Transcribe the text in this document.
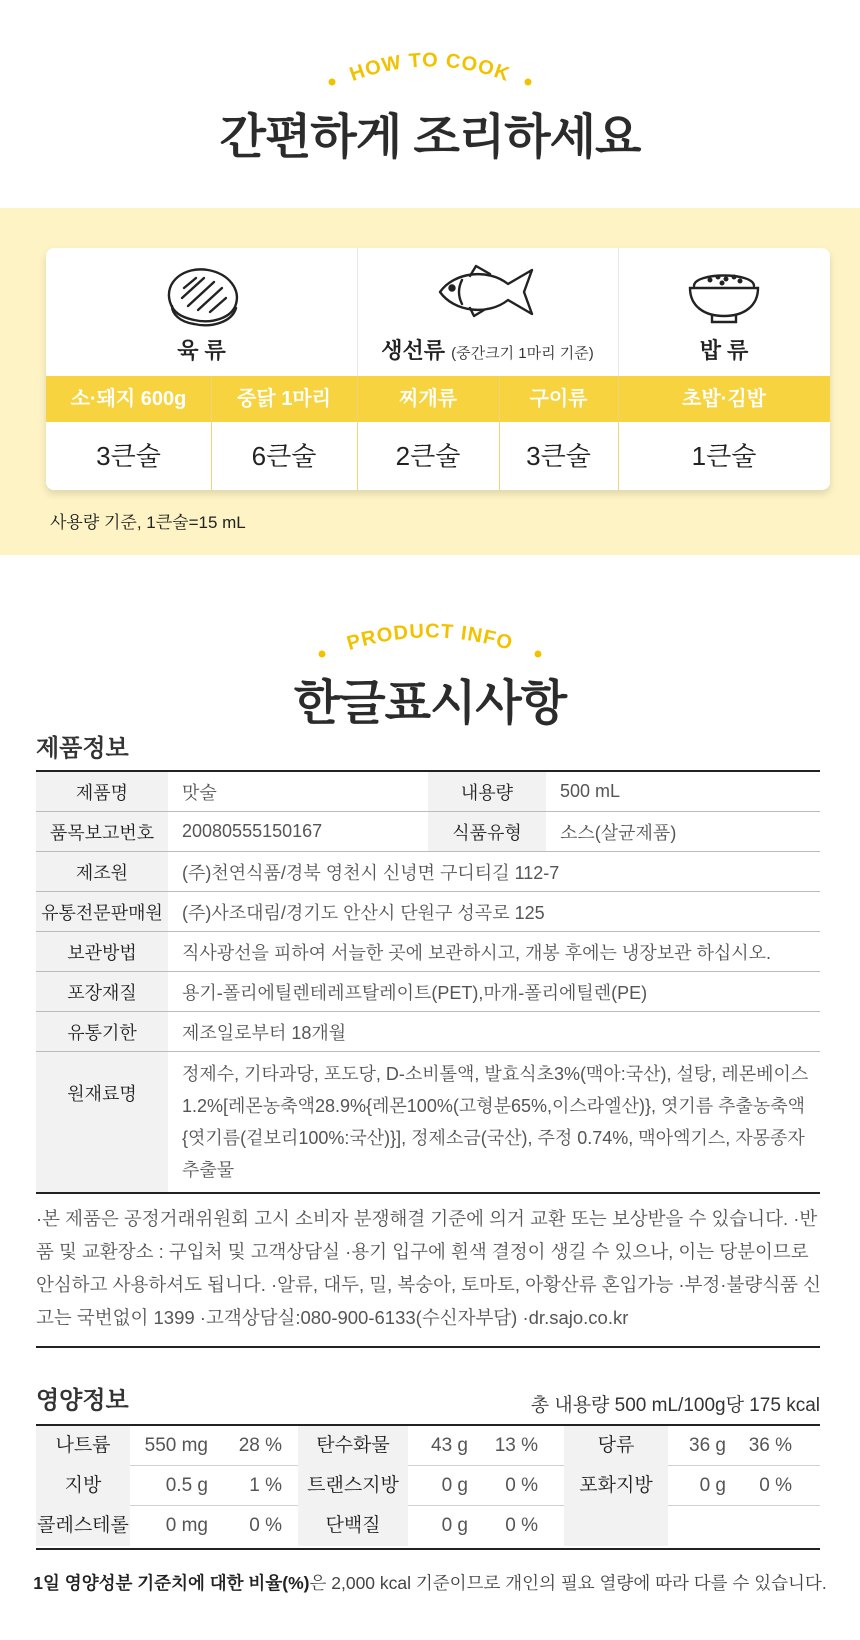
HOW TO COOK
간편하게 조리하세요
육 류	생선류 (중간크기 1마리 기준)	밥 류
소·돼지 600g	중닭 1마리	찌개류	구이류	초밥·김밥
3큰술	6큰술	2큰술	3큰술	1큰술
사용량 기준, 1큰술=15 mL
PRODUCT INFO
한글표시사항
제품정보
제품명	맛술	내용량	500 mL
품목보고번호	20080555150167	식품유형	소스(살균제품)
제조원	(주)천연식품/경북 영천시 신녕면 구디티길 112-7
유통전문판매원	(주)사조대림/경기도 안산시 단원구 성곡로 125
보관방법	직사광선을 피하여 서늘한 곳에 보관하시고, 개봉 후에는 냉장보관 하십시오.
포장재질	용기-폴리에틸렌테레프탈레이트(PET),마개-폴리에틸렌(PE)
유통기한	제조일로부터 18개월
원재료명
정제수, 기타과당, 포도당, D-소비톨액, 발효식초3%(맥아:국산), 설탕, 레몬베이스 1.2%[레몬농축액28.9%{레몬100%(고형분65%,이스라엘산)}, 엿기름 추출농축액{엿기름(겉보리100%:국산)}], 정제소금(국산), 주정 0.74%, 맥아엑기스, 자몽종자 추출물
·본 제품은 공정거래위원회 고시 소비자 분쟁해결 기준에 의거 교환 또는 보상받을 수 있습니다. ·반품 및 교환장소 : 구입처 및 고객상담실 ·용기 입구에 흰색 결정이 생길 수 있으나, 이는 당분이므로 안심하고 사용하셔도 됩니다. ·알류, 대두, 밀, 복숭아, 토마토, 아황산류 혼입가능 ·부정·불량식품 신고는 국번없이 1399 ·고객상담실:080-900-6133(수신자부담) ·dr.sajo.co.kr
영양정보	총 내용량 500 mL/100g당 175 kcal
나트륨	550 mg	28 %	탄수화물	43 g	13 %	당류	36 g	36 %
지방	0.5 g	1 %	트랜스지방	0 g	0 %	포화지방	0 g	0 %
콜레스테롤	0 mg	0 %	단백질	0 g	0 %
1일 영양성분 기준치에 대한 비율(%)은 2,000 kcal 기준이므로 개인의 필요 열량에 따라 다를 수 있습니다.
